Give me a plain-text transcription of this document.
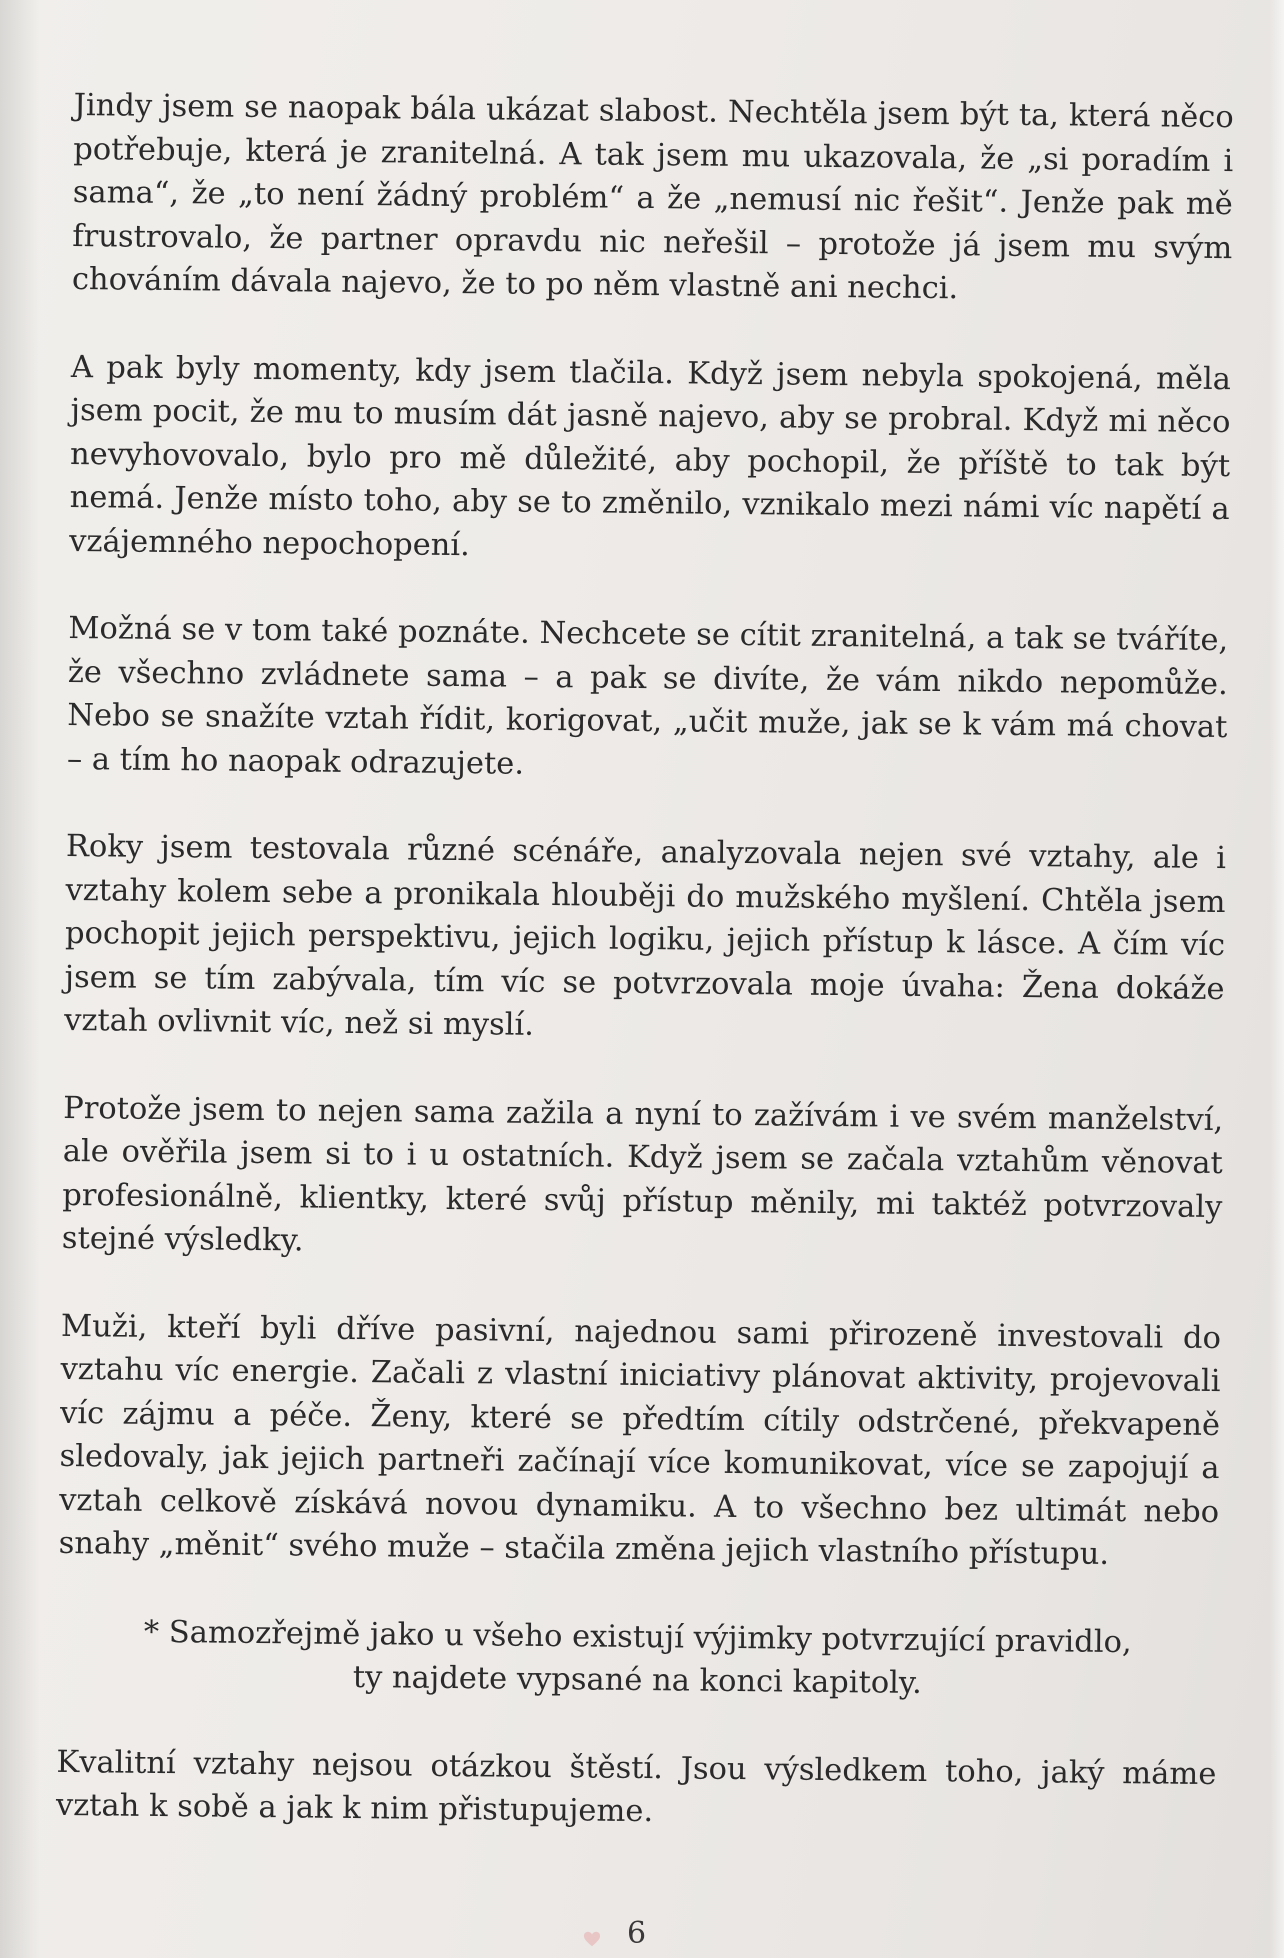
Jindy jsem se naopak bála ukázat slabost. Nechtěla jsem být ta, která něco potřebuje, která je zranitelná. A tak jsem mu ukazovala, že „si poradím i sama“, že „to není žádný problém“ a že „nemusí nic řešit“. Jenže pak mě frustrovalo, že partner opravdu nic neřešil – protože já jsem mu svým chováním dávala najevo, že to po něm vlastně ani nechci.

A pak byly momenty, kdy jsem tlačila. Když jsem nebyla spokojená, měla jsem pocit, že mu to musím dát jasně najevo, aby se probral. Když mi něco nevyhovovalo, bylo pro mě důležité, aby pochopil, že příště to tak být nemá. Jenže místo toho, aby se to změnilo, vznikalo mezi námi víc napětí a vzájemného nepochopení.

Možná se v tom také poznáte. Nechcete se cítit zranitelná, a tak se tváříte, že všechno zvládnete sama – a pak se divíte, že vám nikdo nepomůže. Nebo se snažíte vztah řídit, korigovat, „učit muže, jak se k vám má chovat – a tím ho naopak odrazujete.

Roky jsem testovala různé scénáře, analyzovala nejen své vztahy, ale i vztahy kolem sebe a pronikala hlouběji do mužského myšlení. Chtěla jsem pochopit jejich perspektivu, jejich logiku, jejich přístup k lásce. A čím víc jsem se tím zabývala, tím víc se potvrzovala moje úvaha: Žena dokáže vztah ovlivnit víc, než si myslí.

Protože jsem to nejen sama zažila a nyní to zažívám i ve svém manželství, ale ověřila jsem si to i u ostatních. Když jsem se začala vztahům věnovat profesionálně, klientky, které svůj přístup měnily, mi taktéž potvrzovaly stejné výsledky.

Muži, kteří byli dříve pasivní, najednou sami přirozeně investovali do vztahu víc energie. Začali z vlastní iniciativy plánovat aktivity, projevovali víc zájmu a péče. Ženy, které se předtím cítily odstrčené, překvapeně sledovaly, jak jejich partneři začínají více komunikovat, více se zapojují a vztah celkově získává novou dynamiku. A to všechno bez ultimát nebo snahy „měnit“ svého muže – stačila změna jejich vlastního přístupu.

* Samozřejmě jako u všeho existují výjimky potvrzující pravidlo,
ty najdete vypsané na konci kapitoly.

Kvalitní vztahy nejsou otázkou štěstí. Jsou výsledkem toho, jaký máme vztah k sobě a jak k nim přistupujeme.

6
